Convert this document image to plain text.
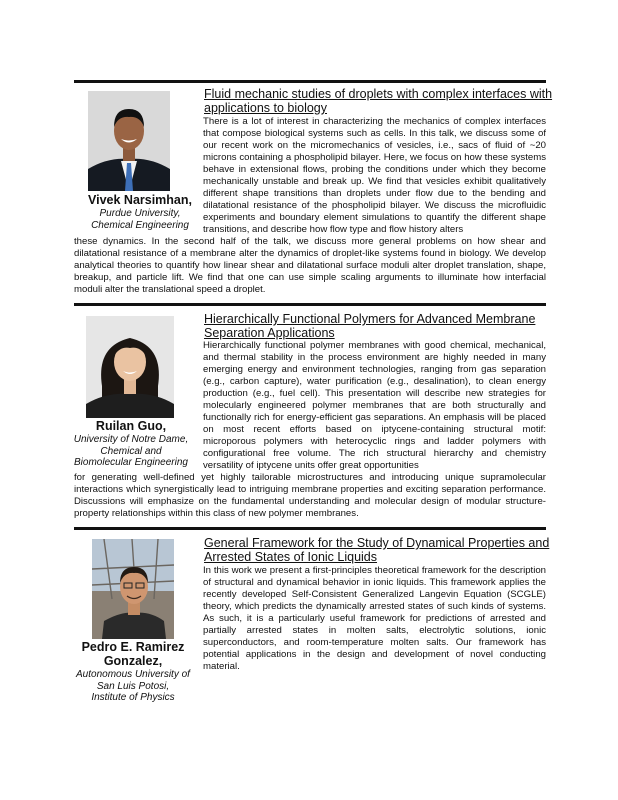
Vivek Narsimhan,
Purdue University,
Chemical Engineering
Fluid mechanic studies of droplets with complex interfaces with
applications to biology
There is a lot of interest in characterizing the mechanics of complex interfaces that compose biological systems such as cells. In this talk, we discuss some of our recent work on the micromechanics of vesicles, i.e., sacs of fluid of ~20 microns containing a phospholipid bilayer. Here, we focus on how these systems behave in extensional flows, probing the conditions under which they become mechanically unstable and break up. We find that vesicles exhibit qualitatively different shape transitions than droplets under flow due to the bending and dilatational resistance of the phospholipid bilayer. We discuss the microfluidic experiments and boundary element simulations to quantify the different shape transitions, and describe how flow type and flow history alters
these dynamics. In the second half of the talk, we discuss more general problems on how shear and dilatational resistance of a membrane alter the dynamics of droplet-like systems found in biology. We develop analytical theories to quantify how linear shear and dilatational surface moduli alter droplet translation, shape, breakup, and particle lift. We find that one can use simple scaling arguments to illuminate how interfacial moduli alter the translational speed a droplet.
Ruilan Guo,
University of Notre Dame,
Chemical and
Biomolecular Engineering
Hierarchically Functional Polymers for Advanced Membrane
Separation Applications
Hierarchically functional polymer membranes with good chemical, mechanical, and thermal stability in the process environment are highly needed in many emerging energy and environment technologies, ranging from gas separation (e.g., carbon capture), water purification (e.g., desalination), to clean energy production (e.g., fuel cell). This presentation will describe new strategies for molecularly engineered polymer membranes that are both structurally and functionally rich for energy-efficient gas separations. An emphasis will be placed on most recent efforts based on iptycene-containing structural motif: microporous polymers with heterocyclic rings and ladder polymers with configurational free volume. The rich structural hierarchy and chemistry versatility of iptycene units offer great opportunities
for generating well-defined yet highly tailorable microstructures and introducing unique supramolecular interactions which synergistically lead to intriguing membrane properties and exciting separation performance. Discussions will emphasize on the fundamental understanding and molecular design of modular structure-property relationships within this class of new polymer membranes.
Pedro E. Ramirez
Gonzalez,
Autonomous University of
San Luis Potosi,
Institute of Physics
General Framework for the Study of Dynamical Properties and
Arrested States of Ionic Liquids
In this work we present a first-principles theoretical framework for the description of structural and dynamical behavior in ionic liquids. This framework applies the recently developed Self-Consistent Generalized Langevin Equation (SCGLE) theory, which predicts the dynamically arrested states of such kinds of systems. As such, it is a particularly useful framework for predictions of arrested and partially arrested states in molten salts, electrolytic solutions, ionic superconductors, and room-temperature molten salts. Our framework has potential applications in the design and development of novel conducting material.
